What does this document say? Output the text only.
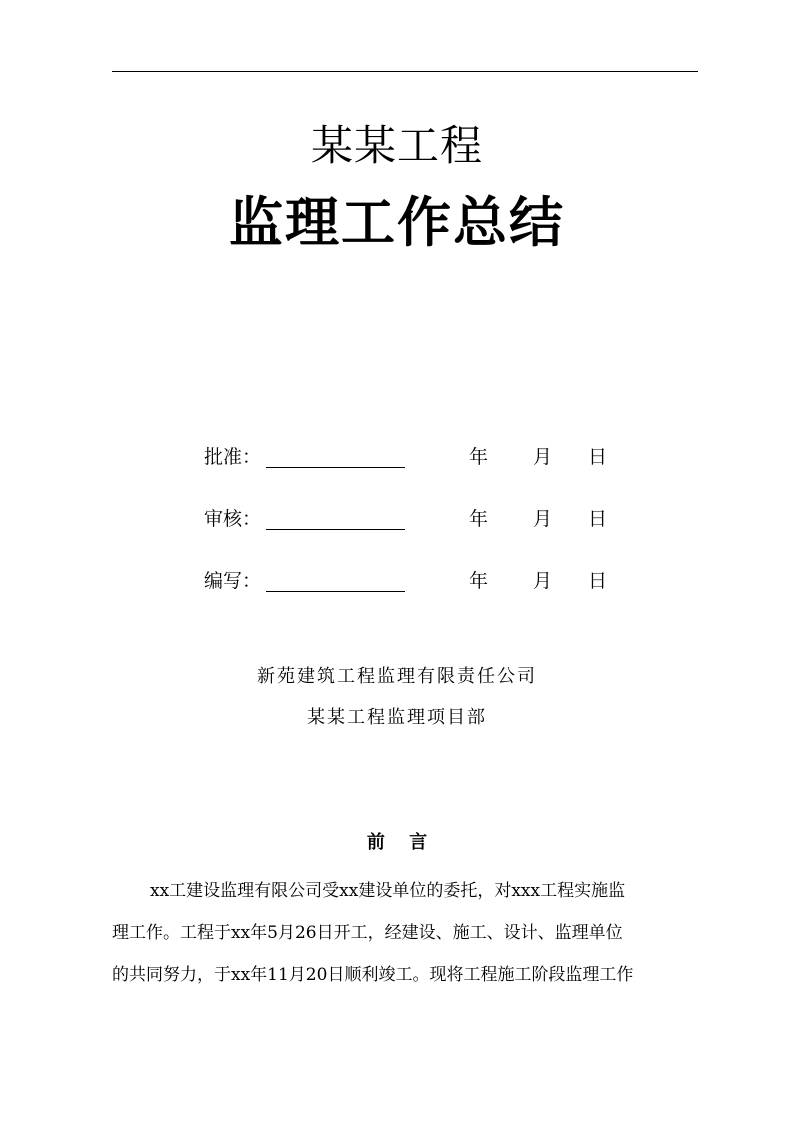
某某工程
监理工作总结
批准：	年 月 日
审核：	年 月 日
编写：	年 月 日
新苑建筑工程监理有限责任公司
某某工程监理项目部
前 言
xx工建设监理有限公司受xx建设单位的委托，对xxx工程实施监
理工作。工程于xx年5月26日开工，经建设、施工、设计、监理单位
的共同努力，于xx年11月20日顺利竣工。现将工程施工阶段监理工作
